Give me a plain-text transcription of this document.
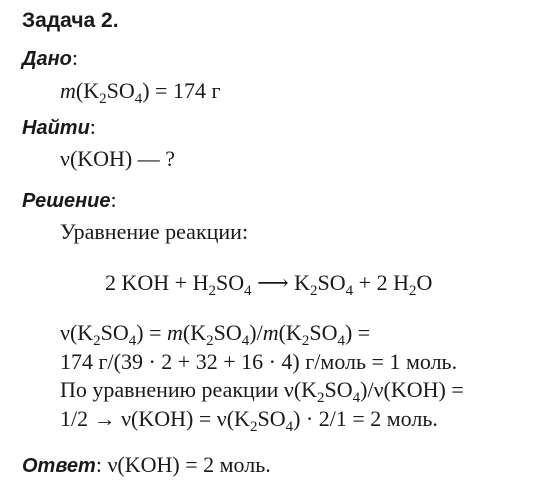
Задача 2.
Дано:
$m(K_2SO_4) = 174$ г
Найти:
ν(KOH) — ?
Решение:
Уравнение реакции:
2 KOH + $H_2SO_4$ ⟶ $K_2SO_4 + 2$ $H_2O$
$\nu(K_2SO_4) = m(K_2SO_4)/m(K_2SO_4)$ =
174 г/(39 · 2 + 32 + 16 · 4) г/моль = 1 моль.
По уравнению реакции $\nu(K_2SO_4)/\nu(KOH)$ =
$1/2 \to \nu(KOH) = \nu(K_2SO_4) \cdot 2/1 = 2$ моль.
Ответ: ν(KOH) = 2 моль.
